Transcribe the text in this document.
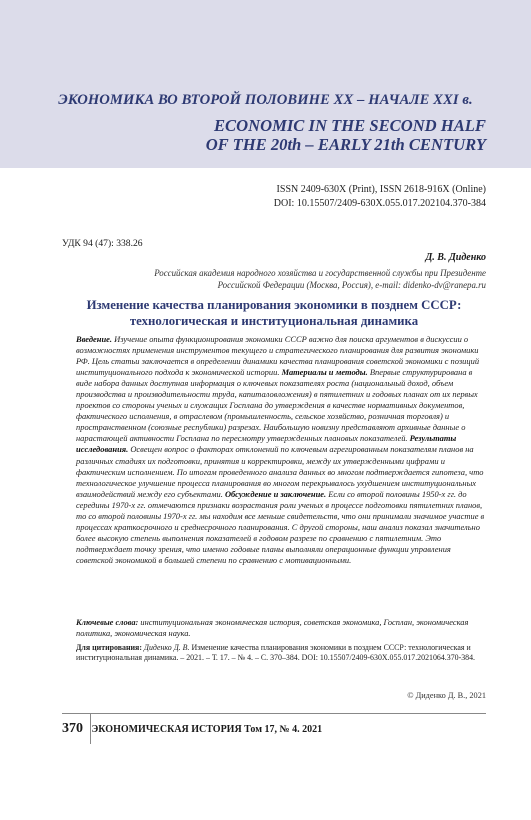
ЭКОНОМИКА ВО ВТОРОЙ ПОЛОВИНЕ XX – НАЧАЛЕ XXI в.
ECONOMIC IN THE SECOND HALF
OF THE 20th – EARLY 21th CENTURY
ISSN 2409-630X (Print), ISSN 2618-916X (Online)
DOI: 10.15507/2409-630X.055.017.202104.370-384
УДК 94 (47): 338.26
Д. В. Диденко
Российская академия народного хозяйства и государственной службы при Президенте
Российской Федерации (Москва, Россия), e-mail: didenko-dv@ranepa.ru
Изменение качества планирования экономики в позднем СССР:
технологическая и институциональная динамика

Введение. Изучение опыта функционирования экономики СССР важно для поиска аргументов в дискуссии о возможностях применения инструментов текущего и стратегического планирования для развития экономики РФ. Цель статьи заключается в определении динамики качества планирования советской экономики с позиций институционального подхода к экономической истории. Материалы и методы. Впервые структурирована в виде набора данных доступная информация о ключевых показателях роста (национальный доход, объем производства и производительности труда, капиталовложения) в пятилетних и годовых планах от их первых проектов со стороны ученых и служащих Госплана до утверждения в качестве нормативных документов, фактического исполнения, в отраслевом (промышленность, сельское хозяйство, розничная торговля) и пространственном (союзные республики) разрезах. Наибольшую новизну представляют архивные данные о нарастающей активности Госплана по пересмотру утвержденных плановых показателей. Результаты исследования. Освещен вопрос о факторах отклонений по ключевым агрегированным показателям планов на различных стадиях их подготовки, принятия и корректировки, между их утвержденными цифрами и фактическим исполнением. По итогам проведенного анализа данных во многом подтверждается гипотеза, что технологическое улучшение процесса планирования во многом перекрывалось ухудшением институциональных взаимодействий между его субъектами. Обсуждение и заключение. Если со второй половины 1950-х гг. до середины 1970-х гг. отмечаются признаки возрастания роли ученых в процессе подготовки пятилетних планов, то со второй половины 1970-х гг. мы находим все меньше свидетельств, что они принимали значимое участие в процессах краткосрочного и среднесрочного планирования. С другой стороны, наш анализ показал значительно более высокую степень выполнения показателей в годовом разрезе по сравнению с пятилетним. Это подтверждает точку зрения, что именно годовые планы выполняли операционные функции управления советской экономикой в большей степени по сравнению с мотивационными.

Ключевые слова: институциональная экономическая история, советская экономика, Госплан, экономическая политика, экономическая наука.
Для цитирования: Диденко Д. В. Изменение качества планирования экономики в позднем СССР: технологическая и институциональная динамика. – 2021. – Т. 17. – № 4. – С. 370–384. DOI: 10.15507/2409-630X.055.017.2021064.370-384.
© Диденко Д. В., 2021
370 ЭКОНОМИЧЕСКАЯ ИСТОРИЯ Том 17, № 4. 2021
